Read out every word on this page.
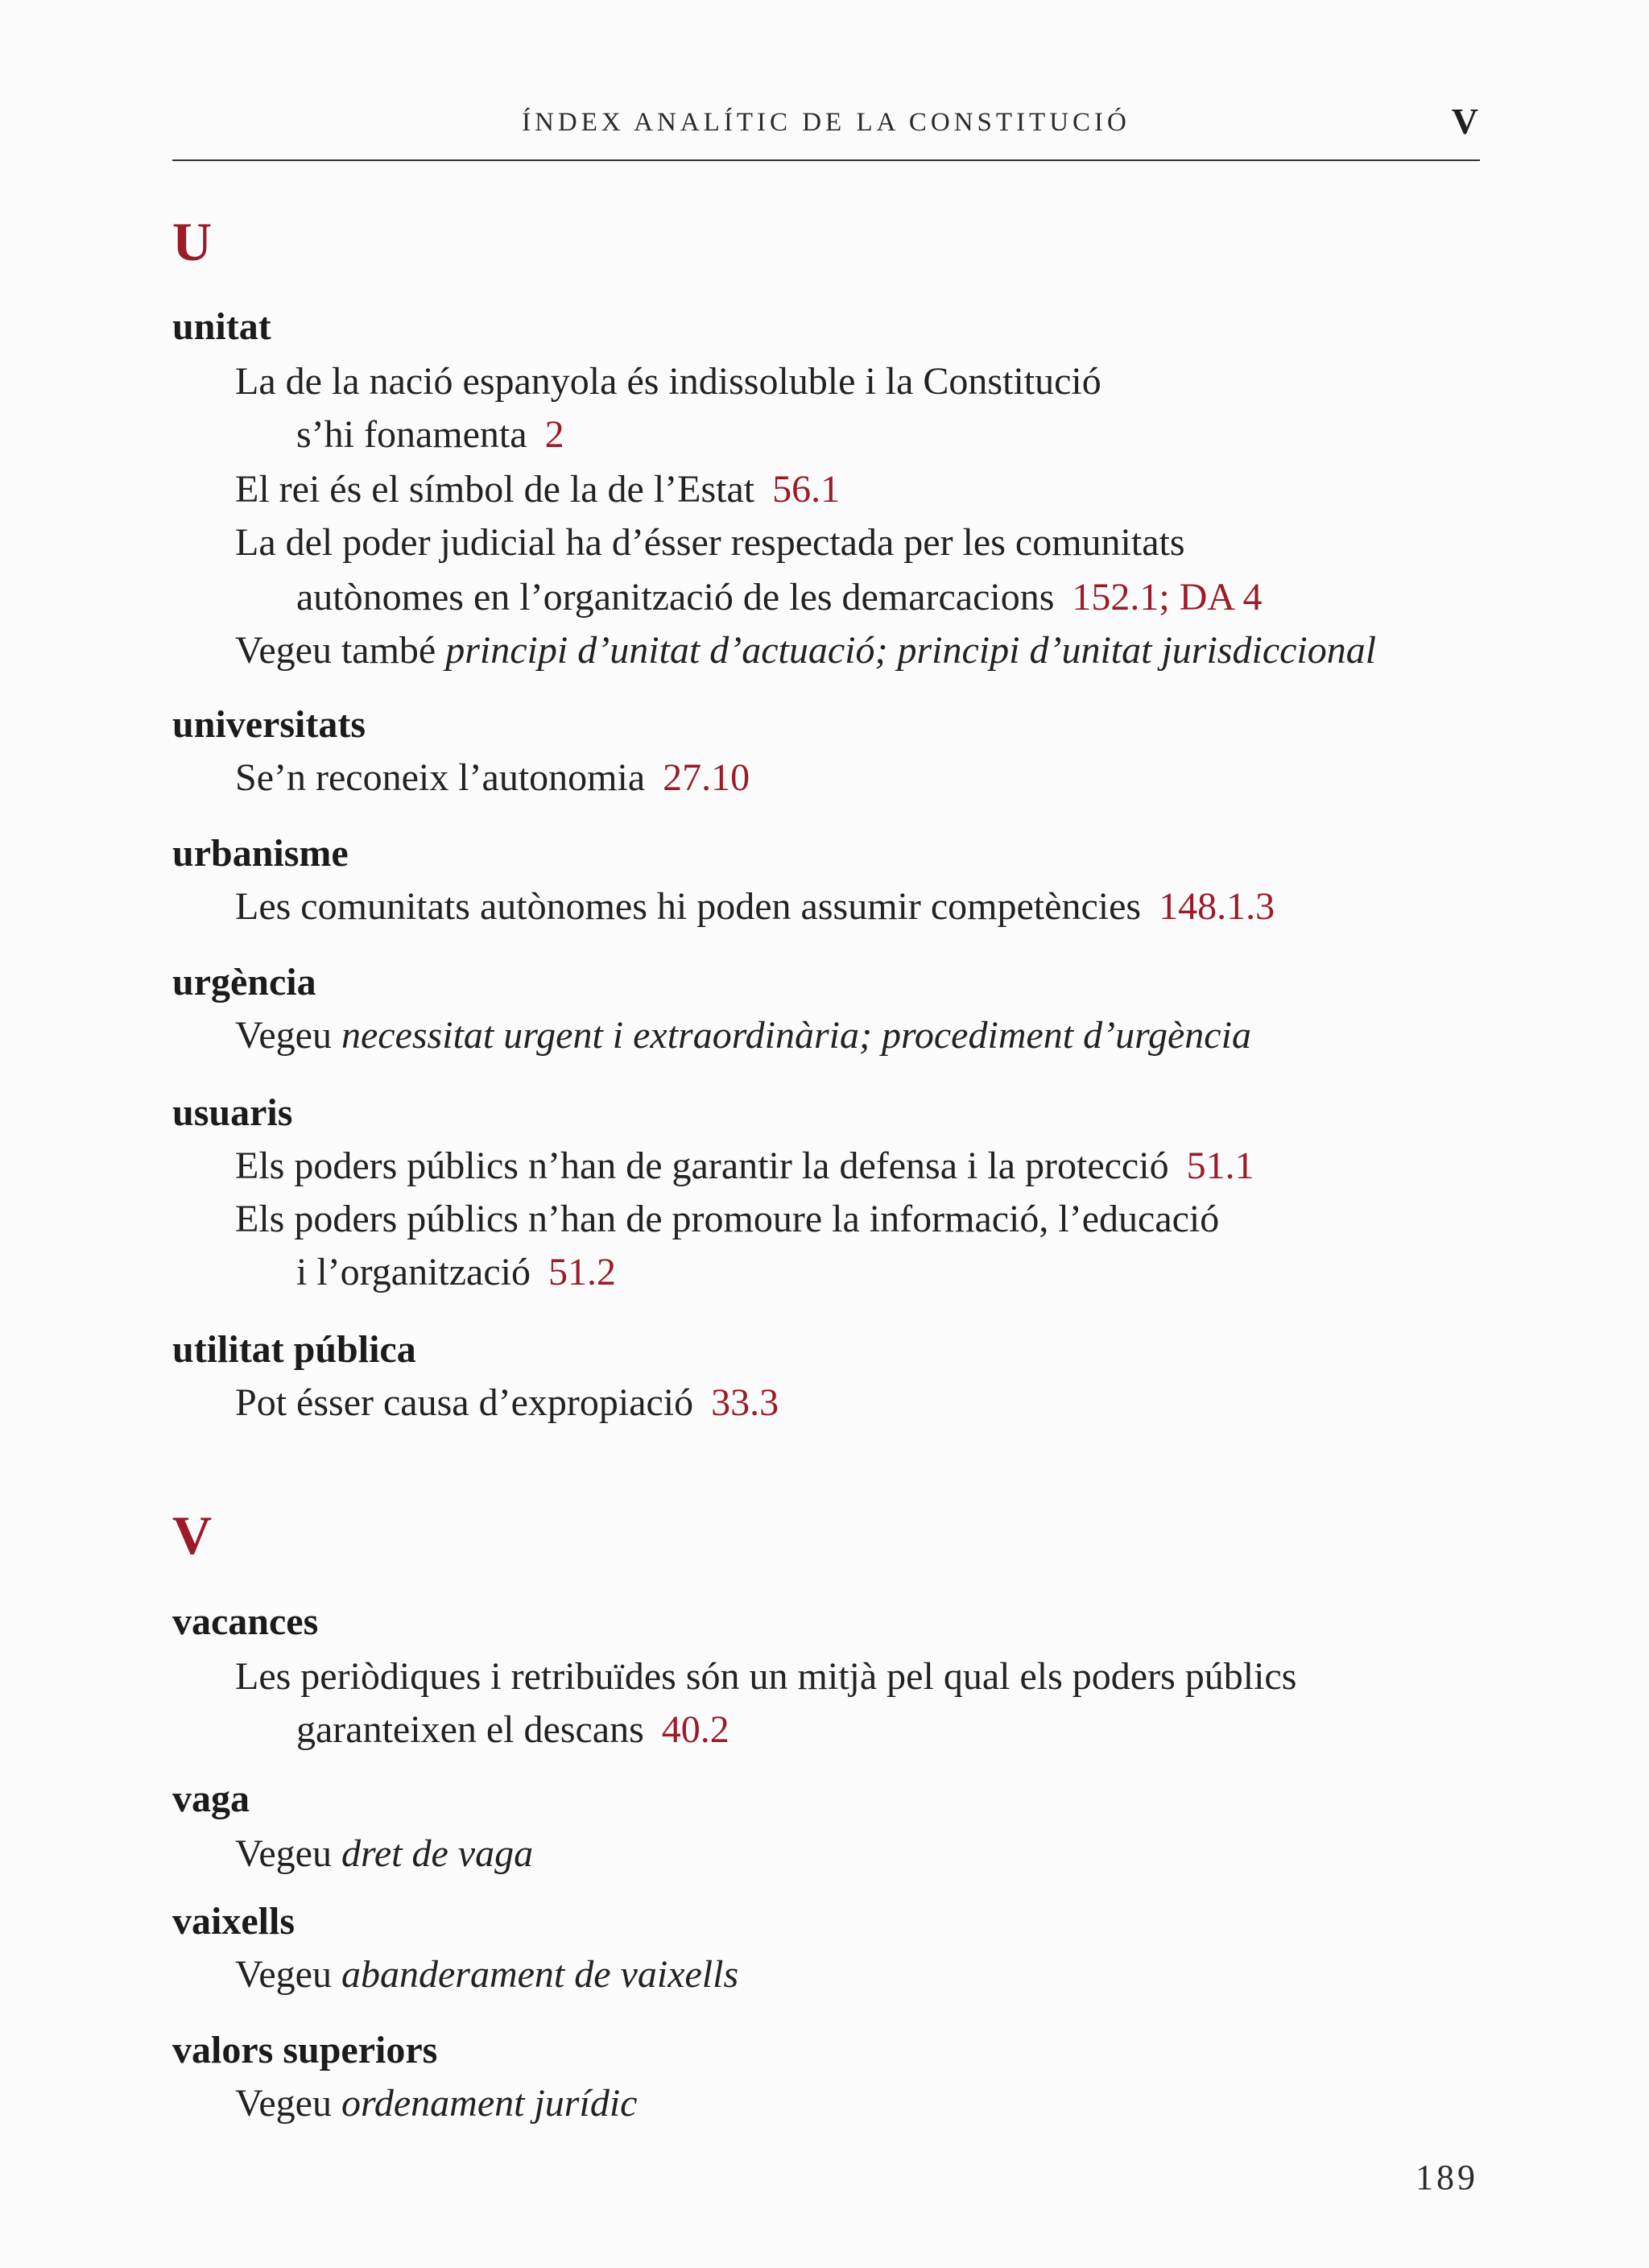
ÍNDEX ANALÍTIC DE LA CONSTITUCIÓ	V
U
unitat
La de la nació espanyola és indissoluble i la Constitució
s’hi fonamenta 2
El rei és el símbol de la de l’Estat 56.1
La del poder judicial ha d’ésser respectada per les comunitats
autònomes en l’organització de les demarcacions 152.1; DA 4
Vegeu també principi d’unitat d’actuació; principi d’unitat jurisdiccional
universitats
Se’n reconeix l’autonomia 27.10
urbanisme
Les comunitats autònomes hi poden assumir competències 148.1.3
urgència
Vegeu necessitat urgent i extraordinària; procediment d’urgència
usuaris
Els poders públics n’han de garantir la defensa i la protecció 51.1
Els poders públics n’han de promoure la informació, l’educació
i l’organització 51.2
utilitat pública
Pot ésser causa d’expropiació 33.3
V
vacances
Les periòdiques i retribuïdes són un mitjà pel qual els poders públics
garanteixen el descans 40.2
vaga
Vegeu dret de vaga
vaixells
Vegeu abanderament de vaixells
valors superiors
Vegeu ordenament jurídic
189
